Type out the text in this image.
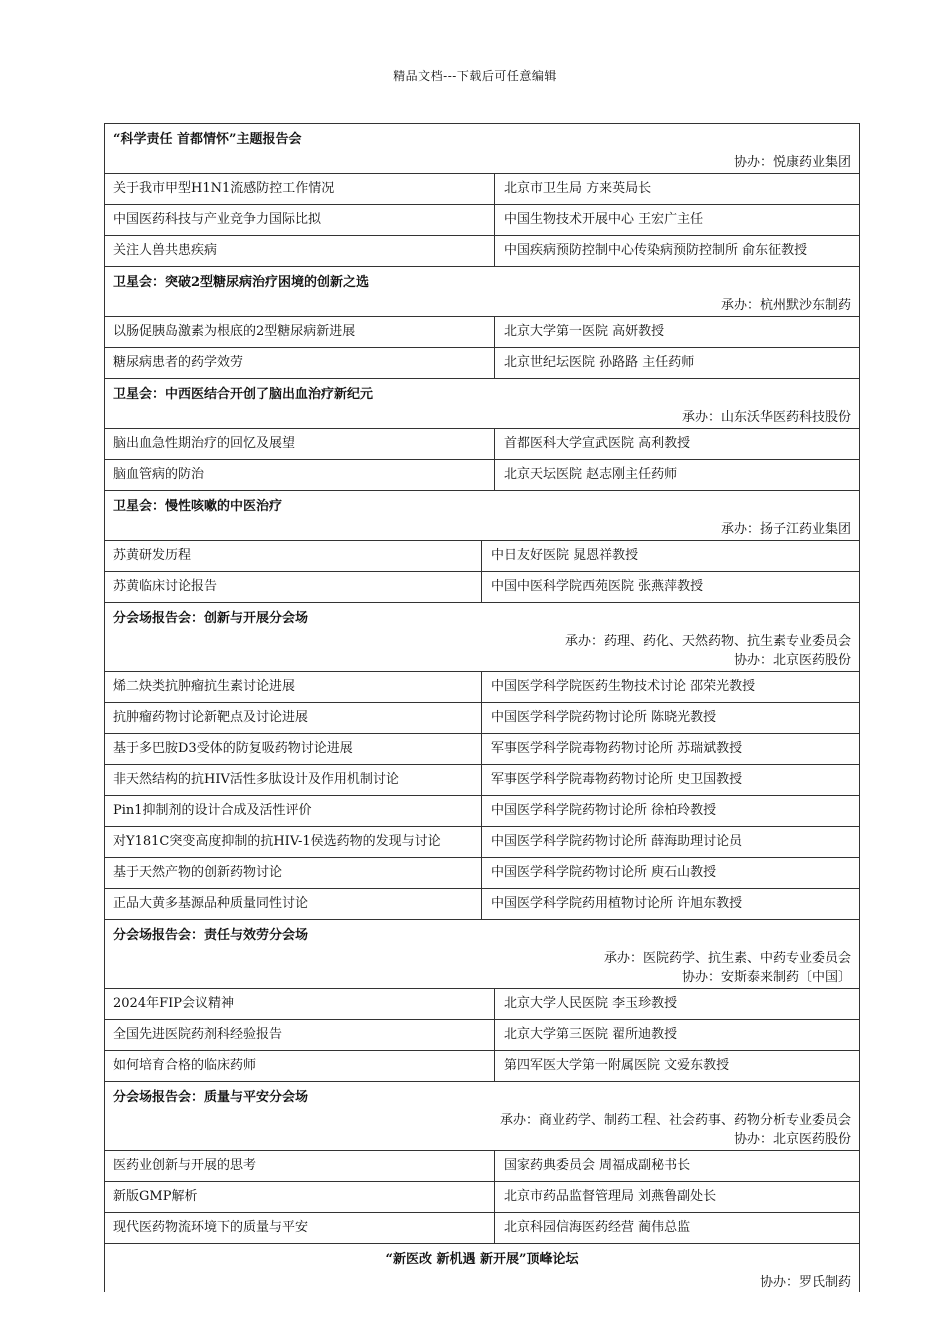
精品文档---下载后可任意编辑
“科学责任 首都情怀”主题报告会
协办：悦康药业集团
关于我市甲型H1N1流感防控工作情况	北京市卫生局 方来英局长
中国医药科技与产业竞争力国际比拟	中国生物技术开展中心 王宏广主任
关注人兽共患疾病	中国疾病预防控制中心传染病预防控制所 俞东征教授
卫星会：突破2型糖尿病治疗困境的创新之选
承办：杭州默沙东制药
以肠促胰岛激素为根底的2型糖尿病新进展	北京大学第一医院 高妍教授
糖尿病患者的药学效劳	北京世纪坛医院 孙路路 主任药师
卫星会：中西医结合开创了脑出血治疗新纪元
承办：山东沃华医药科技股份
脑出血急性期治疗的回忆及展望	首都医科大学宣武医院 高利教授
脑血管病的防治	北京天坛医院 赵志刚主任药师
卫星会：慢性咳嗽的中医治疗
承办：扬子江药业集团
苏黄研发历程	中日友好医院 晁恩祥教授
苏黄临床讨论报告	中国中医科学院西苑医院 张燕萍教授
分会场报告会：创新与开展分会场
承办：药理、药化、天然药物、抗生素专业委员会
协办：北京医药股份
烯二炔类抗肿瘤抗生素讨论进展	中国医学科学院医药生物技术讨论 邵荣光教授
抗肿瘤药物讨论新靶点及讨论进展	中国医学科学院药物讨论所 陈晓光教授
基于多巴胺D3受体的防复吸药物讨论进展	军事医学科学院毒物药物讨论所 苏瑞斌教授
非天然结构的抗HIV活性多肽设计及作用机制讨论	军事医学科学院毒物药物讨论所 史卫国教授
Pin1抑制剂的设计合成及活性评价	中国医学科学院药物讨论所 徐柏玲教授
对Y181C突变高度抑制的抗HIV-1侯选药物的发现与讨论	中国医学科学院药物讨论所 薛海助理讨论员
基于天然产物的创新药物讨论	中国医学科学院药物讨论所 庾石山教授
正品大黄多基源品种质量同性讨论	中国医学科学院药用植物讨论所 许旭东教授
分会场报告会：责任与效劳分会场
承办：医院药学、抗生素、中药专业委员会
协办：安斯泰来制药〔中国〕
2024年FIP会议精神	北京大学人民医院 李玉珍教授
全国先进医院药剂科经验报告	北京大学第三医院 翟所迪教授
如何培育合格的临床药师	第四军医大学第一附属医院 文爱东教授
分会场报告会：质量与平安分会场
承办：商业药学、制药工程、社会药事、药物分析专业委员会
协办：北京医药股份
医药业创新与开展的思考	国家药典委员会 周福成副秘书长
新版GMP解析	北京市药品监督管理局 刘燕鲁副处长
现代医药物流环境下的质量与平安	北京科园信海医药经营 蔺伟总监
“新医改 新机遇 新开展”顶峰论坛
协办：罗氏制药
